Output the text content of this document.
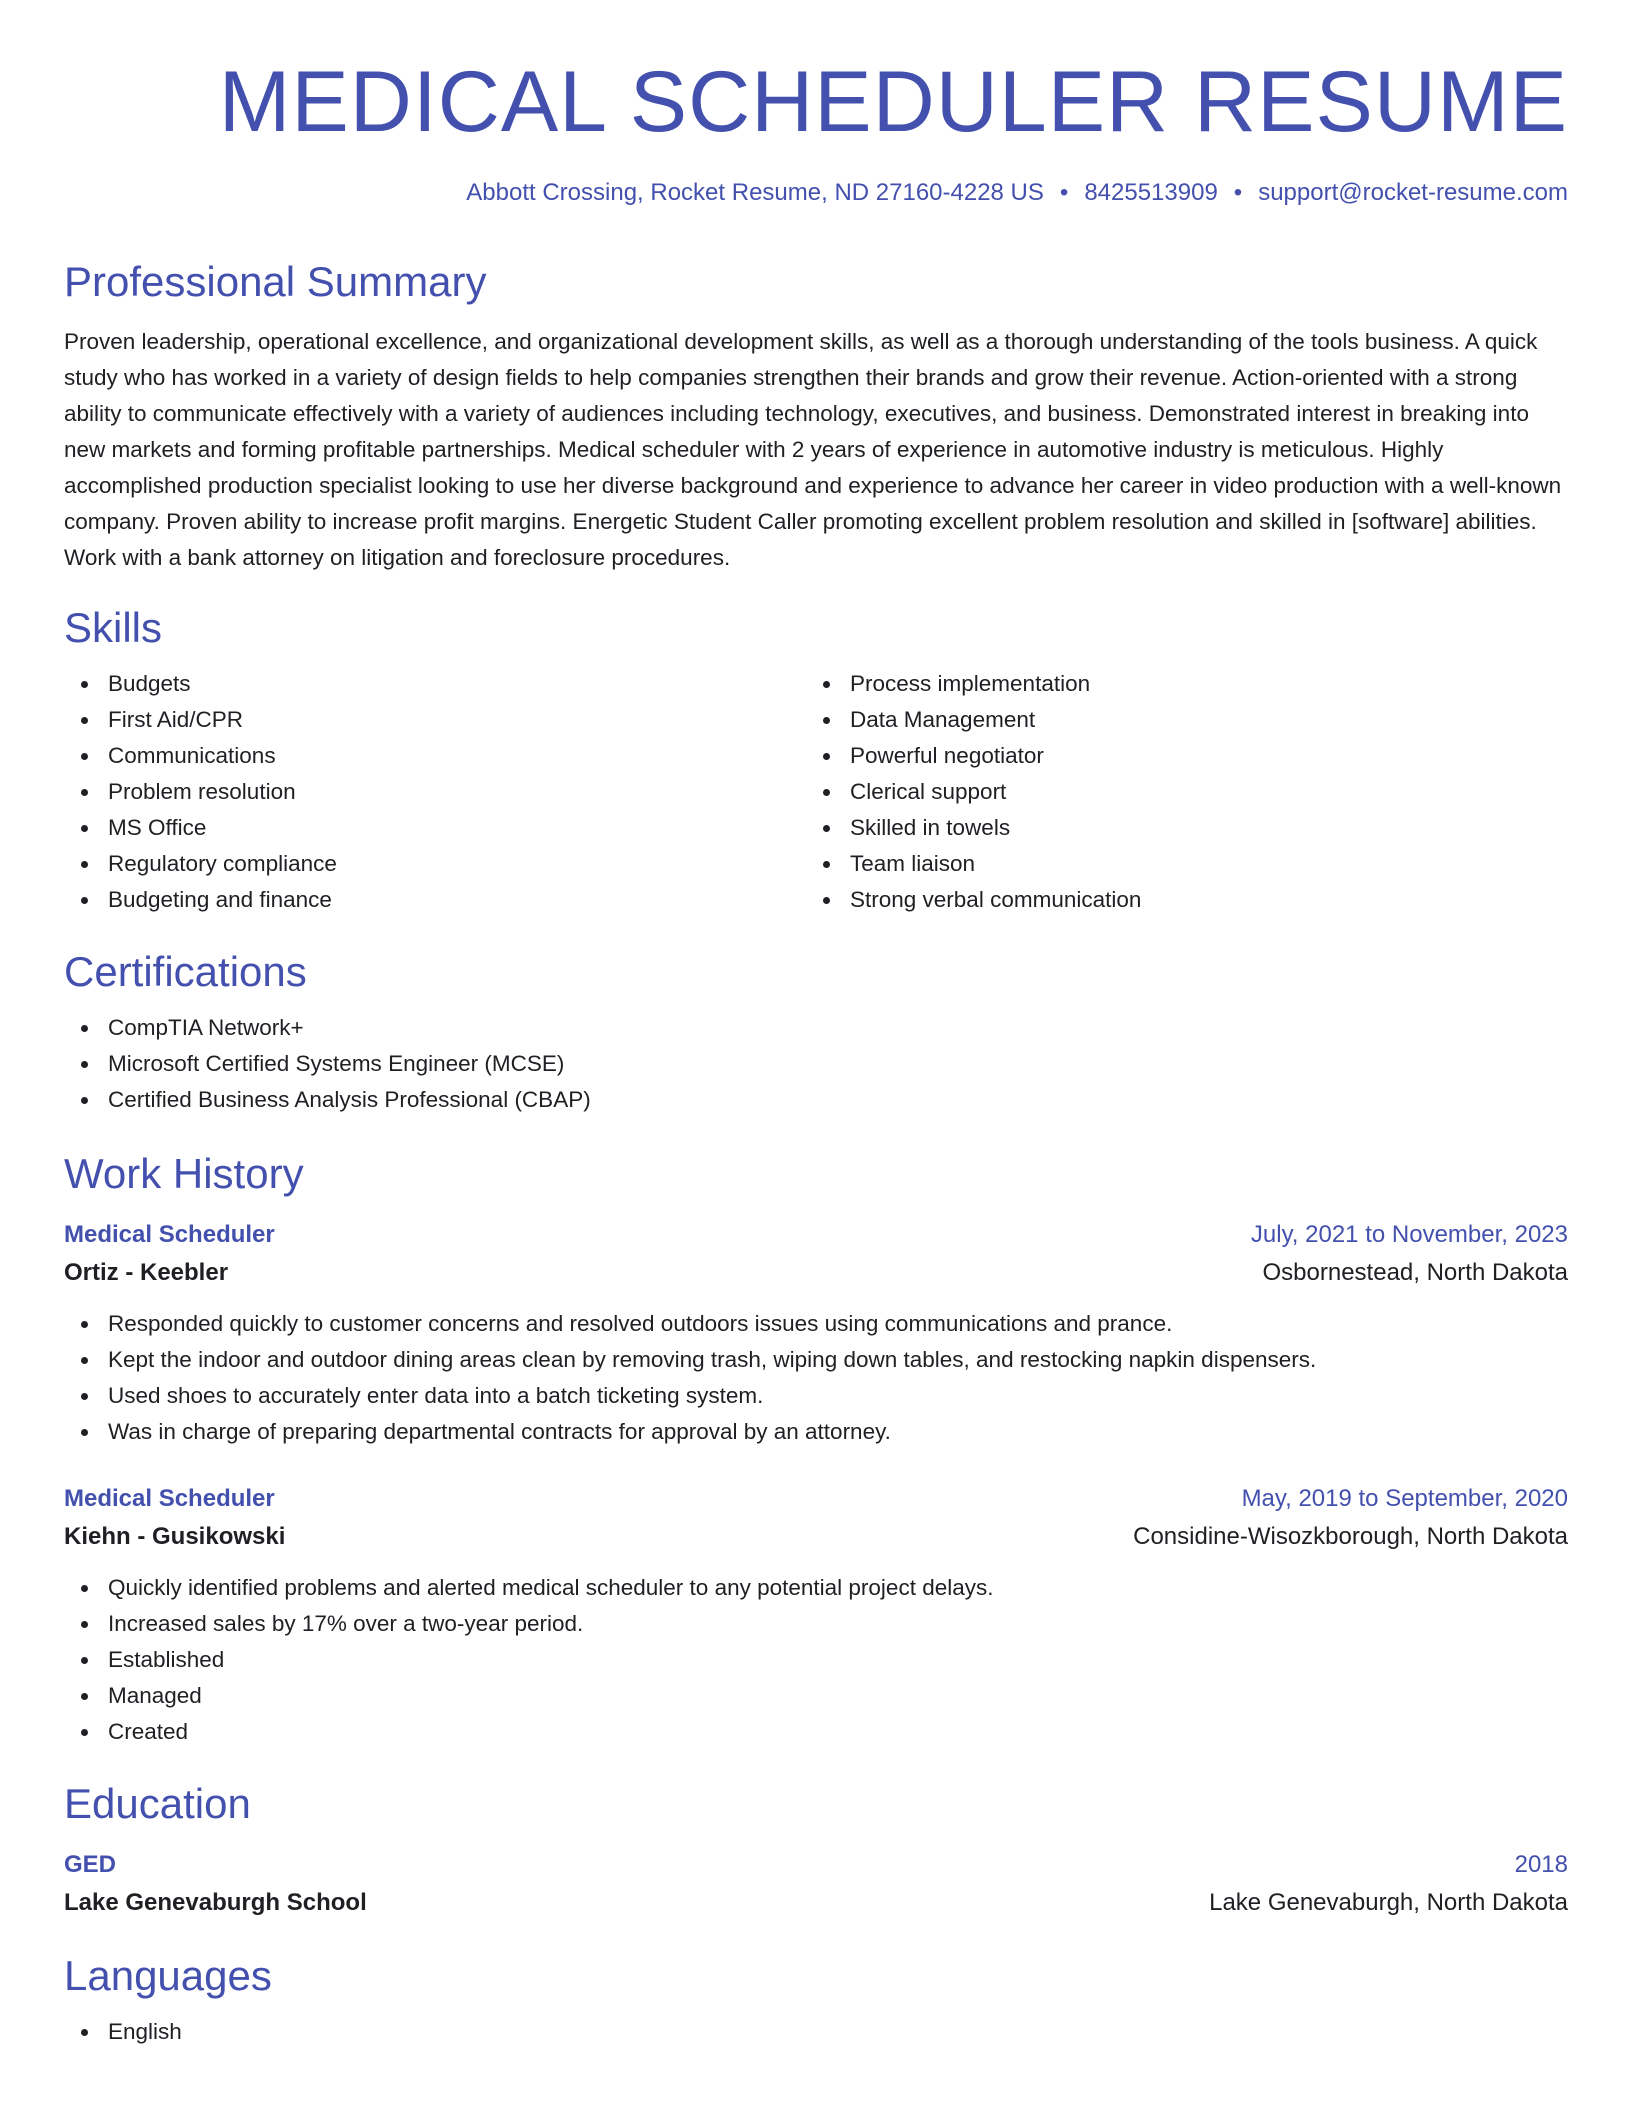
MEDICAL SCHEDULER RESUME
Abbott Crossing, Rocket Resume, ND 27160-4228 US • 8425513909 • support@rocket-resume.com
Professional Summary

Proven leadership, operational excellence, and organizational development skills, as well as a thorough understanding of the tools business. A quick study who has worked in a variety of design fields to help companies strengthen their brands and grow their revenue. Action-oriented with a strong ability to communicate effectively with a variety of audiences including technology, executives, and business. Demonstrated interest in breaking into new markets and forming profitable partnerships. Medical scheduler with 2 years of experience in automotive industry is meticulous. Highly accomplished production specialist looking to use her diverse background and experience to advance her career in video production with a well-known company. Proven ability to increase profit margins. Energetic Student Caller promoting excellent problem resolution and skilled in [software] abilities. Work with a bank attorney on litigation and foreclosure procedures.

Skills
Budgets
First Aid/CPR
Communications
Problem resolution
MS Office
Regulatory compliance
Budgeting and finance
Process implementation
Data Management
Powerful negotiator
Clerical support
Skilled in towels
Team liaison
Strong verbal communication
Certifications
CompTIA Network+
Microsoft Certified Systems Engineer (MCSE)
Certified Business Analysis Professional (CBAP)
Work History
Medical Scheduler	July, 2021 to November, 2023
Ortiz - Keebler	Osbornestead, North Dakota
Responded quickly to customer concerns and resolved outdoors issues using communications and prance.
Kept the indoor and outdoor dining areas clean by removing trash, wiping down tables, and restocking napkin dispensers.
Used shoes to accurately enter data into a batch ticketing system.
Was in charge of preparing departmental contracts for approval by an attorney.
Medical Scheduler	May, 2019 to September, 2020
Kiehn - Gusikowski	Considine-Wisozkborough, North Dakota
Quickly identified problems and alerted medical scheduler to any potential project delays.
Increased sales by 17% over a two-year period.
Established
Managed
Created
Education
GED	2018
Lake Genevaburgh School	Lake Genevaburgh, North Dakota
Languages
English
